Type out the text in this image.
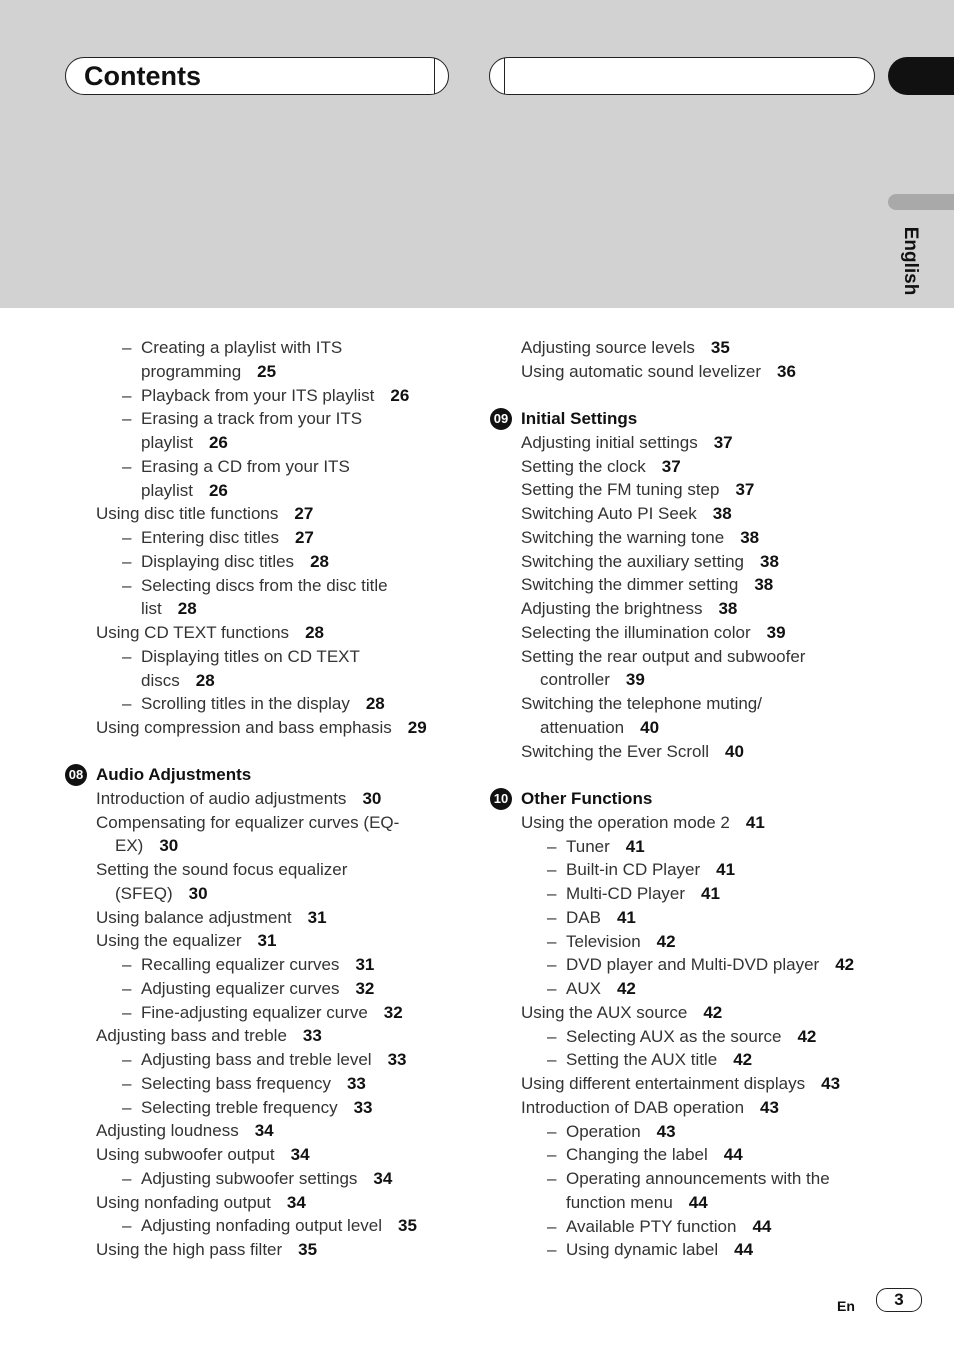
Contents
English
– Creating a playlist with ITS
programming 25
– Playback from your ITS playlist 26
– Erasing a track from your ITS
playlist 26
– Erasing a CD from your ITS
playlist 26
Using disc title functions 27
– Entering disc titles 27
– Displaying disc titles 28
– Selecting discs from the disc title
list 28
Using CD TEXT functions 28
– Displaying titles on CD TEXT
discs 28
– Scrolling titles in the display 28
Using compression and bass emphasis 29
08 Audio Adjustments
Introduction of audio adjustments 30
Compensating for equalizer curves (EQ-
EX) 30
Setting the sound focus equalizer
(SFEQ) 30
Using balance adjustment 31
Using the equalizer 31
– Recalling equalizer curves 31
– Adjusting equalizer curves 32
– Fine-adjusting equalizer curve 32
Adjusting bass and treble 33
– Adjusting bass and treble level 33
– Selecting bass frequency 33
– Selecting treble frequency 33
Adjusting loudness 34
Using subwoofer output 34
– Adjusting subwoofer settings 34
Using nonfading output 34
– Adjusting nonfading output level 35
Using the high pass filter 35
Adjusting source levels 35
Using automatic sound levelizer 36
09 Initial Settings
Adjusting initial settings 37
Setting the clock 37
Setting the FM tuning step 37
Switching Auto PI Seek 38
Switching the warning tone 38
Switching the auxiliary setting 38
Switching the dimmer setting 38
Adjusting the brightness 38
Selecting the illumination color 39
Setting the rear output and subwoofer
controller 39
Switching the telephone muting/
attenuation 40
Switching the Ever Scroll 40
10 Other Functions
Using the operation mode 2 41
– Tuner 41
– Built-in CD Player 41
– Multi-CD Player 41
– DAB 41
– Television 42
– DVD player and Multi-DVD player 42
– AUX 42
Using the AUX source 42
– Selecting AUX as the source 42
– Setting the AUX title 42
Using different entertainment displays 43
Introduction of DAB operation 43
– Operation 43
– Changing the label 44
– Operating announcements with the
function menu 44
– Available PTY function 44
– Using dynamic label 44
En	3
